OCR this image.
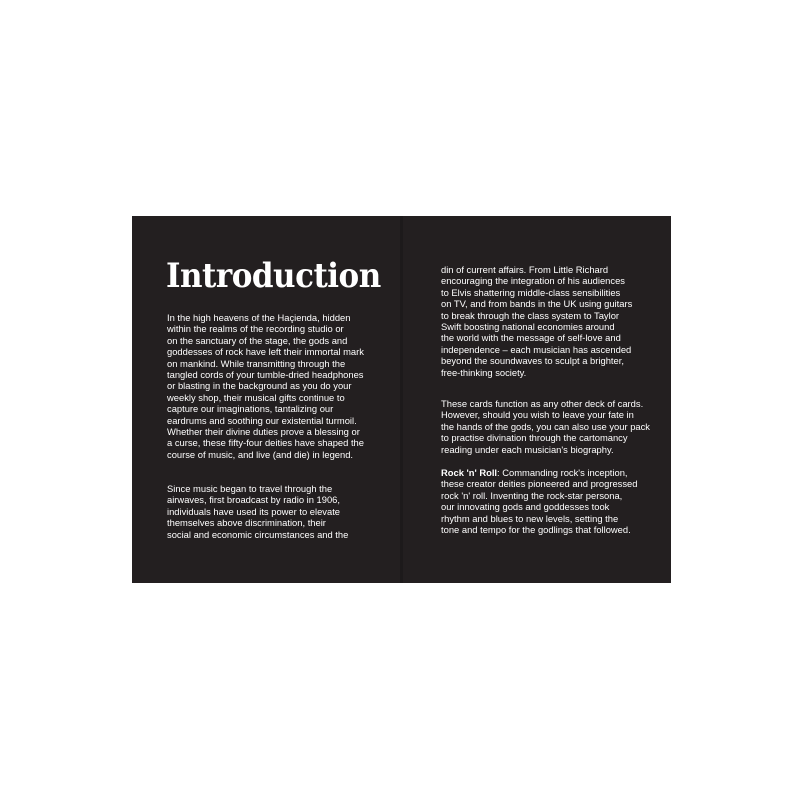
Introduction

In the high heavens of the Haçienda, hidden
within the realms of the recording studio or
on the sanctuary of the stage, the gods and
goddesses of rock have left their immortal mark
on mankind. While transmitting through the
tangled cords of your tumble-dried headphones
or blasting in the background as you do your
weekly shop, their musical gifts continue to
capture our imaginations, tantalizing our
eardrums and soothing our existential turmoil.
Whether their divine duties prove a blessing or
a curse, these fifty-four deities have shaped the
course of music, and live (and die) in legend.

Since music began to travel through the
airwaves, first broadcast by radio in 1906,
individuals have used its power to elevate
themselves above discrimination, their
social and economic circumstances and the

din of current affairs. From Little Richard
encouraging the integration of his audiences
to Elvis shattering middle-class sensibilities
on TV, and from bands in the UK using guitars
to break through the class system to Taylor
Swift boosting national economies around
the world with the message of self-love and
independence – each musician has ascended
beyond the soundwaves to sculpt a brighter,
free-thinking society.

These cards function as any other deck of cards.
However, should you wish to leave your fate in
the hands of the gods, you can also use your pack
to practise divination through the cartomancy
reading under each musician's biography.

Rock 'n' Roll: Commanding rock's inception,
these creator deities pioneered and progressed
rock 'n' roll. Inventing the rock-star persona,
our innovating gods and goddesses took
rhythm and blues to new levels, setting the
tone and tempo for the godlings that followed.
